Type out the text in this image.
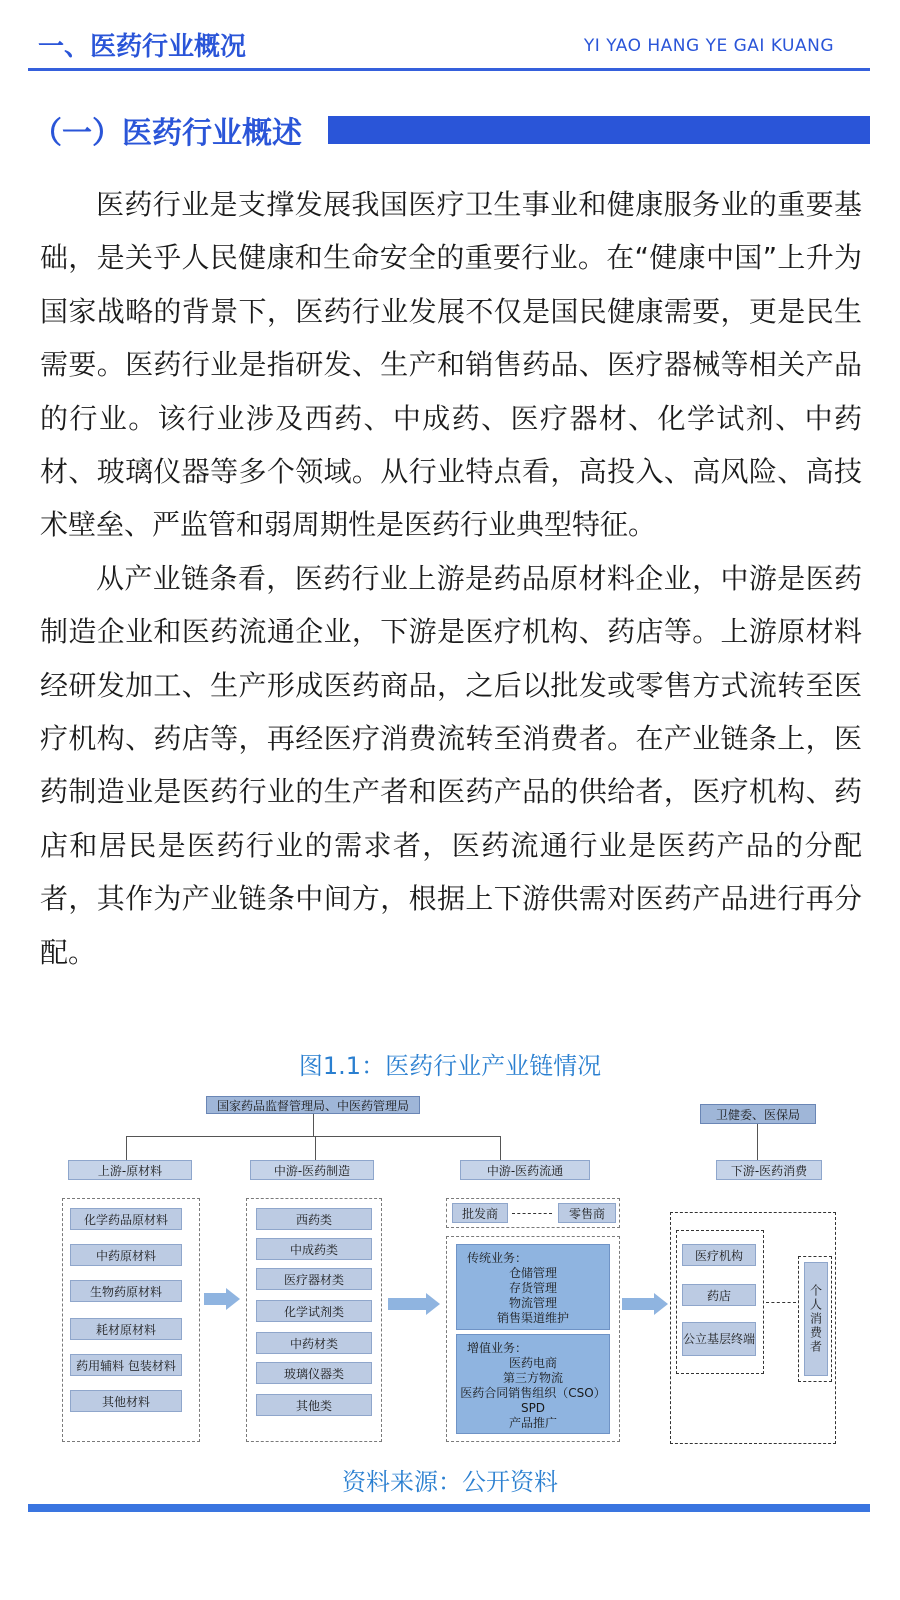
一、医药行业概况	YI YAO HANG YE GAI KUANG
（一）医药行业概述

医药行业是支撑发展我国医疗卫生事业和健康服务业的重要基础，是关乎人民健康和生命安全的重要行业。在“健康中国”上升为国家战略的背景下，医药行业发展不仅是国民健康需要，更是民生需要。医药行业是指研发、生产和销售药品、医疗器械等相关产品的行业。该行业涉及西药、中成药、医疗器材、化学试剂、中药材、玻璃仪器等多个领域。从行业特点看，高投入、高风险、高技术壁垒、严监管和弱周期性是医药行业典型特征。

从产业链条看，医药行业上游是药品原材料企业，中游是医药制造企业和医药流通企业，下游是医疗机构、药店等。上游原材料经研发加工、生产形成医药商品，之后以批发或零售方式流转至医疗机构、药店等，再经医疗消费流转至消费者。在产业链条上，医药制造业是医药行业的生产者和医药产品的供给者，医疗机构、药店和居民是医药行业的需求者，医药流通行业是医药产品的分配者，其作为产业链条中间方，根据上下游供需对医药产品进行再分配。

图1.1：医药行业产业链情况
国家药品监督管理局、中医药管理局
卫健委、医保局
上游-原材料	中游-医药制造	中游-医药流通	下游-医药消费
化学药品原材料
中药原材料
生物药原材料
耗材原材料
药用辅料 包装材料
其他材料
西药类
中成药类
医疗器材类
化学试剂类
中药材类
玻璃仪器类
其他类
批发商	零售商
传统业务：
仓储管理
存货管理
物流管理
销售渠道维护
增值业务：
医药电商
第三方物流
医药合同销售组织（CSO）
SPD
产品推广
医疗机构
药店
公立基层终端	个人消费者
资料来源：公开资料
